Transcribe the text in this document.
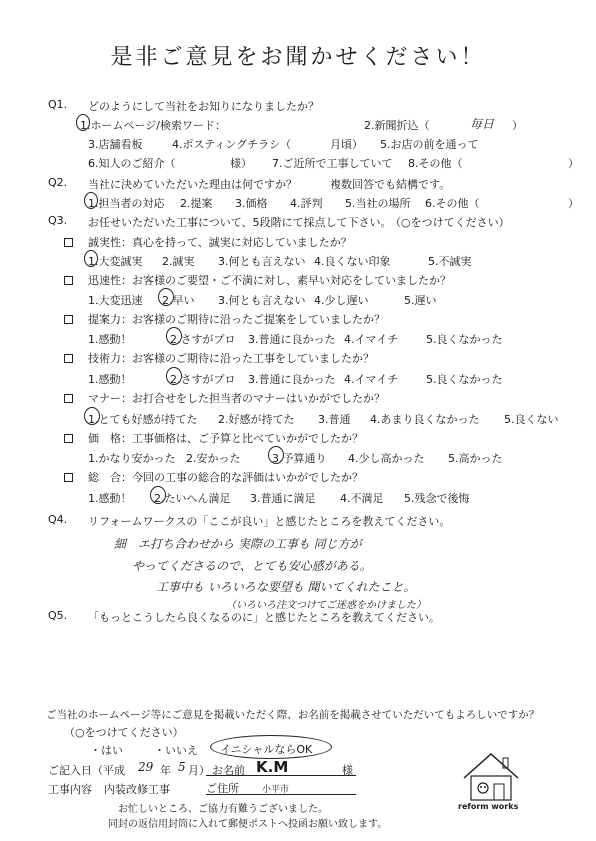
是非ご意見をお聞かせください！
Q1. どのようにして当社をお知りになりましたか？
1.ホームページ/検索ワード：	2.新聞折込（	毎日 ）
3.店舗看板	4.ポスティングチラシ（	月頃） 5.お店の前を通って
6.知人のご紹介（	様） 7.ご近所で工事していて 8.その他（	）
Q2. 当社に決めていただいた理由は何ですか？	複数回答でも結構です。
1.担当者の対応 2.提案 3.価格 4.評判 5.当社の場所 6.その他（	）
Q3. お任せいただいた工事について、5段階にて採点して下さい。
（○をつけてください）
誠実性：真心を持って、誠実に対応していましたか？
1.大変誠実 2.誠実 3.何とも言えない 4.良くない印象	5.不誠実
迅速性：お客様のご要望・ご不満に対し、素早い対応をしていましたか？
1.大変迅速 2.早い 3.何とも言えない 4.少し遅い	5.遅い
提案力：お客様のご期待に沿ったご提案をしていましたか？
1.感動！	2.さすがプロ 3.普通に良かった 4.イマイチ	5.良くなかった
技術力：お客様のご期待に沿った工事をしていましたか？
1.感動！	2.さすがプロ 3.普通に良かった 4.イマイチ	5.良くなかった
マナー：お打合せをした担当者のマナーはいかがでしたか？
1.とても好感が持てた 2.好感が持てた 3.普通 4.あまり良くなかった 5.良くない
価　格：工事価格は、ご予算と比べていかがでしたか？
1.かなり安かった 2.安かった	3.予算通り 4.少し高かった 5.高かった
総　合：今回の工事の総合的な評価はいかがでしたか？
1.感動！ 2.たいへん満足 3.普通に満足 4.不満足 5.残念で後悔
Q4. リフォームワークスの「ここが良い」と感じたところを教えてください。
細　エ打ち合わせから 実際の工事も 同じ方が
やってくださるので、とても安心感がある。
工事中も いろいろな要望も 聞いてくれたこと。
（いろいろ注文つけてご迷惑をかけました）
Q5. 「もっとこうしたら良くなるのに」と感じたところを教えてください。
ご当社のホームページ等にご意見を掲載いただく際、お名前を掲載させていただいてもよろしいですか？
（○をつけてください）
・はい	・いいえ イニシャルならOK
ご記入日（平成 29 年 5 月） お名前 K.M	様
工事内容 内装改修工事	ご住所	小平市
お忙しいところ、ご協力有難うございました。
同封の返信用封筒に入れて郵便ポストへ投函お願い致します。
reform works
